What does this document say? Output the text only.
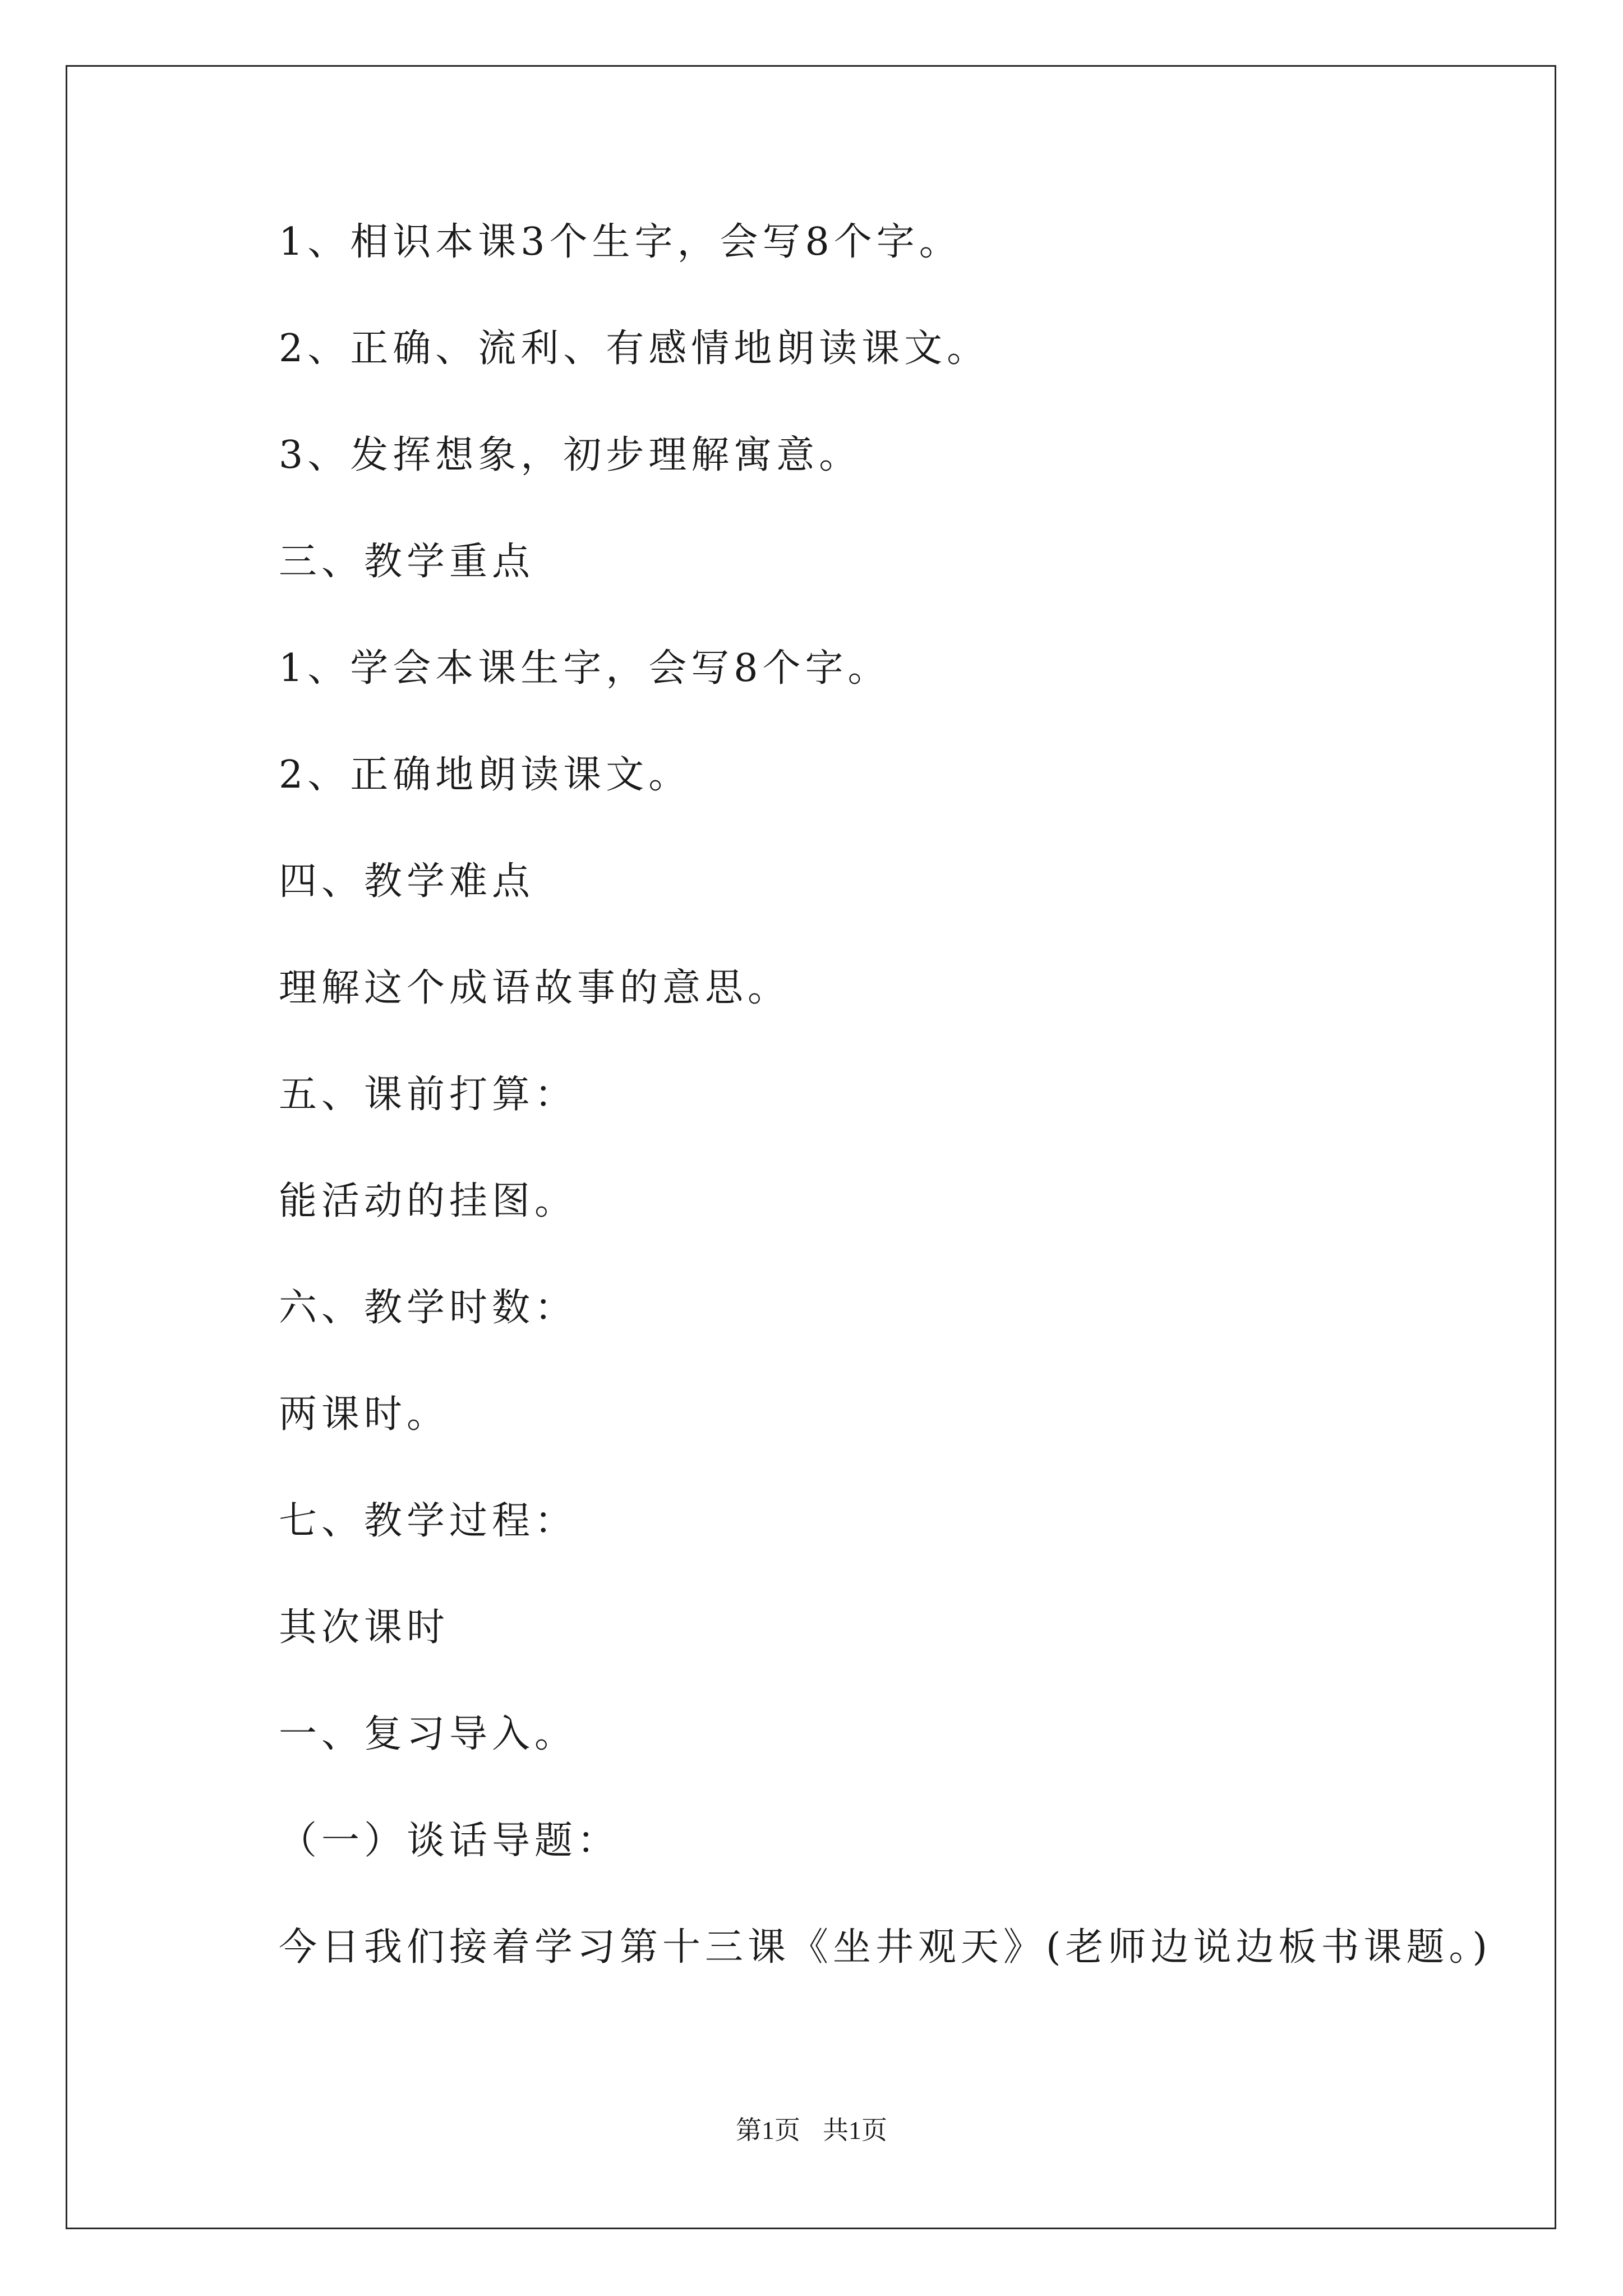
1、相识本课3个生字，会写8个字。
2、正确、流利、有感情地朗读课文。
3、发挥想象，初步理解寓意。
三、教学重点
1、学会本课生字，会写8个字。
2、正确地朗读课文。
四、教学难点
理解这个成语故事的意思。
五、课前打算：
能活动的挂图。
六、教学时数：
两课时。
七、教学过程：
其次课时
一、复习导入。
（一）谈话导题：
今日我们接着学习第十三课《坐井观天》(老师边说边板书课题。)
第1页 共1页
